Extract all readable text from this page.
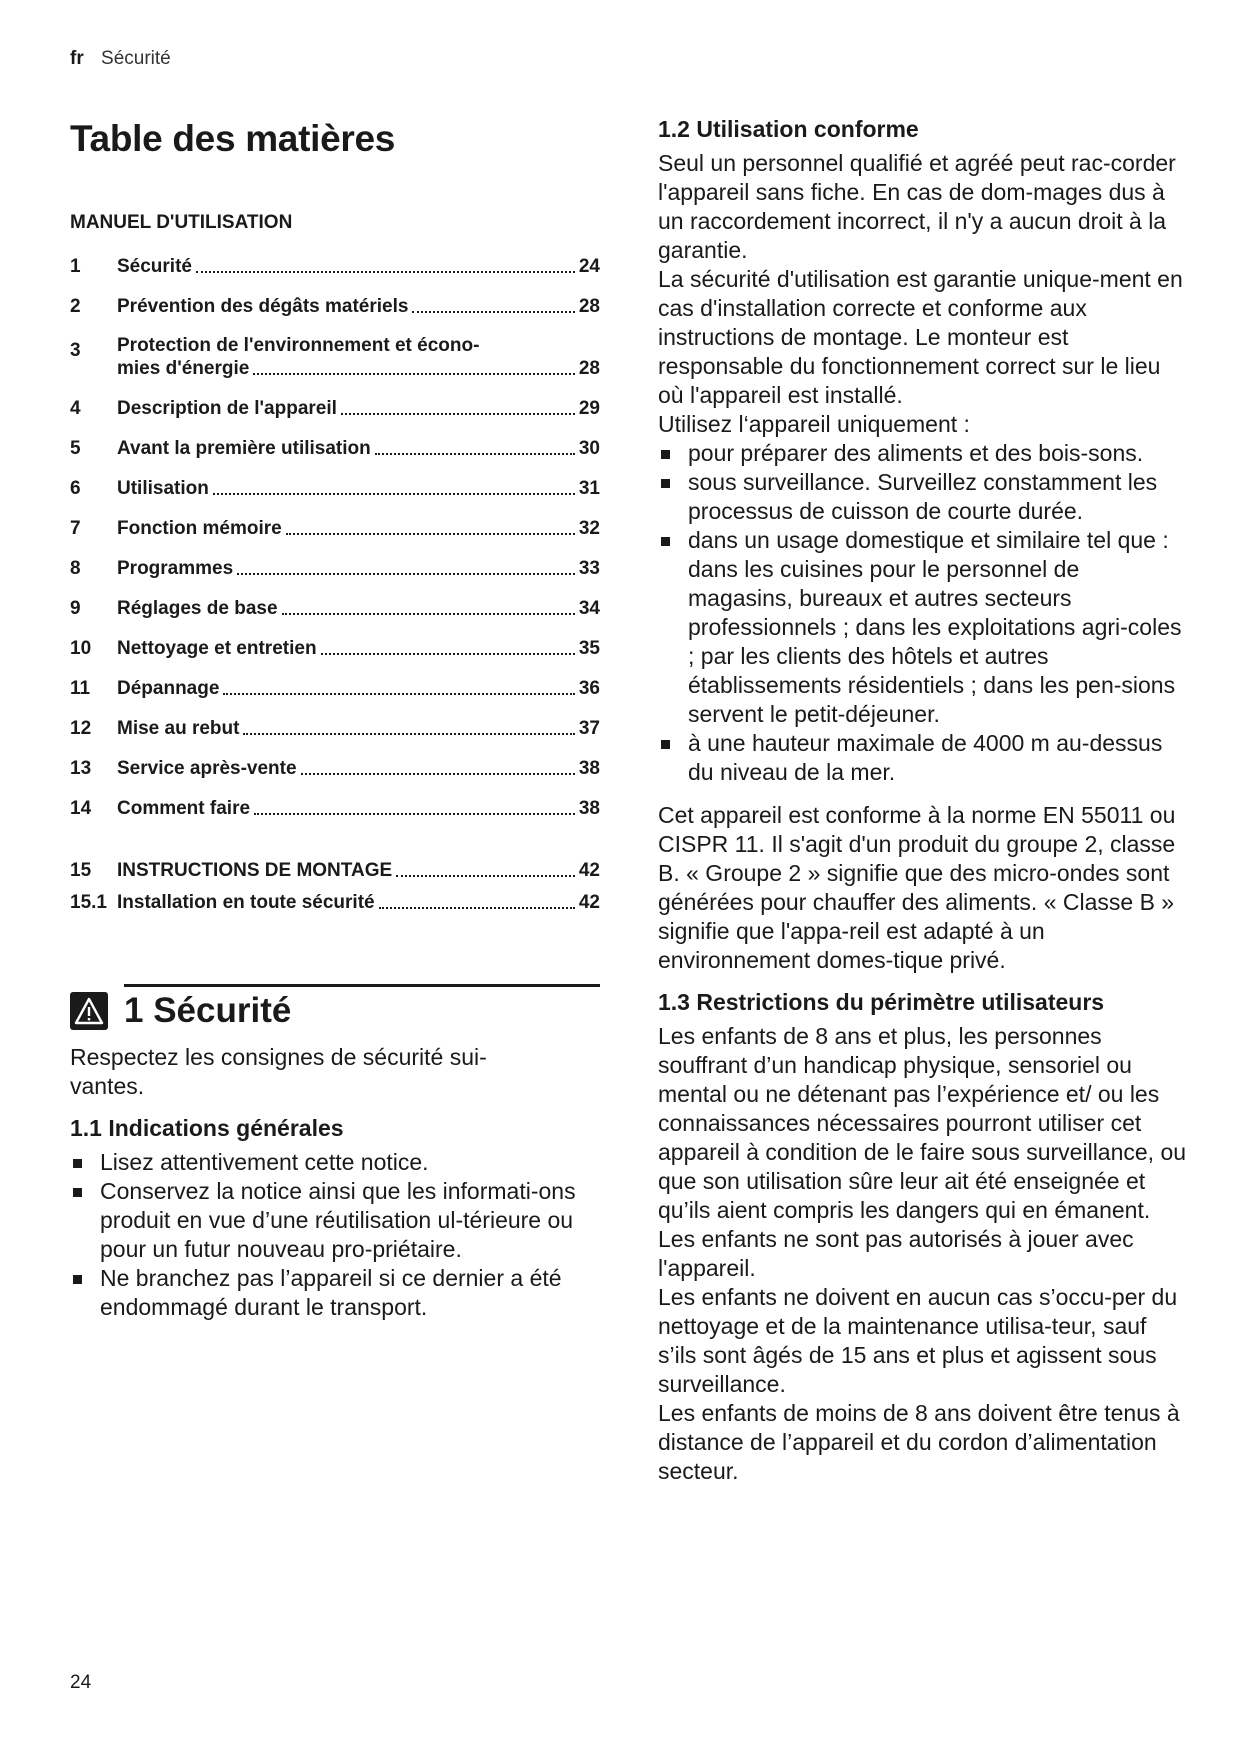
fr Sécurité
Table des matières
MANUEL D'UTILISATION
1	Sécurité	24
2	Prévention des dégâts matériels	28
3	Protection de l'environnement et écono-
mies d'énergie	28
4	Description de l'appareil	29
5	Avant la première utilisation	30
6	Utilisation	31
7	Fonction mémoire	32
8	Programmes	33
9	Réglages de base	34
10	Nettoyage et entretien	35
11	Dépannage	36
12	Mise au rebut	37
13	Service après-vente	38
14	Comment faire	38
15	INSTRUCTIONS DE MONTAGE	42
15.1 Installation en toute sécurité	42
1 Sécurité
Respectez les consignes de sécurité sui-
vantes.
1.1 Indications générales
Lisez attentivement cette notice.
Conservez la notice ainsi que les informati-ons produit en vue d’une réutilisation ul-térieure ou pour un futur nouveau pro-priétaire.
Ne branchez pas l’appareil si ce dernier a été endommagé durant le transport.
1.2 Utilisation conforme
Seul un personnel qualifié et agréé peut rac-corder l'appareil sans fiche. En cas de dom-mages dus à un raccordement incorrect, il n'y a aucun droit à la garantie.
La sécurité d'utilisation est garantie unique-ment en cas d'installation correcte et conforme aux instructions de montage. Le monteur est responsable du fonctionnement correct sur le lieu où l'appareil est installé.
Utilisez l‘appareil uniquement :
pour préparer des aliments et des bois-sons.
sous surveillance. Surveillez constamment les processus de cuisson de courte durée.
dans un usage domestique et similaire tel que : dans les cuisines pour le personnel de magasins, bureaux et autres secteurs professionnels ; dans les exploitations agri-coles ; par les clients des hôtels et autres établissements résidentiels ; dans les pen-sions servent le petit-déjeuner.
à une hauteur maximale de 4000 m au-dessus du niveau de la mer.
Cet appareil est conforme à la norme EN 55011 ou CISPR 11. Il s'agit d'un produit du groupe 2, classe B. « Groupe 2 » signifie que des micro-ondes sont générées pour chauffer des aliments. « Classe B » signifie que l'appa-reil est adapté à un environnement domes-tique privé.
1.3 Restrictions du périmètre utilisateurs
Les enfants de 8 ans et plus, les personnes souffrant d’un handicap physique, sensoriel ou mental ou ne détenant pas l’expérience et/ ou les connaissances nécessaires pourront utiliser cet appareil à condition de le faire sous surveillance, ou que son utilisation sûre leur ait été enseignée et qu’ils aient compris les dangers qui en émanent.
Les enfants ne sont pas autorisés à jouer avec l'appareil.
Les enfants ne doivent en aucun cas s’occu-per du nettoyage et de la maintenance utilisa-teur, sauf s’ils sont âgés de 15 ans et plus et agissent sous surveillance.
Les enfants de moins de 8 ans doivent être tenus à distance de l’appareil et du cordon d’alimentation secteur.
24
